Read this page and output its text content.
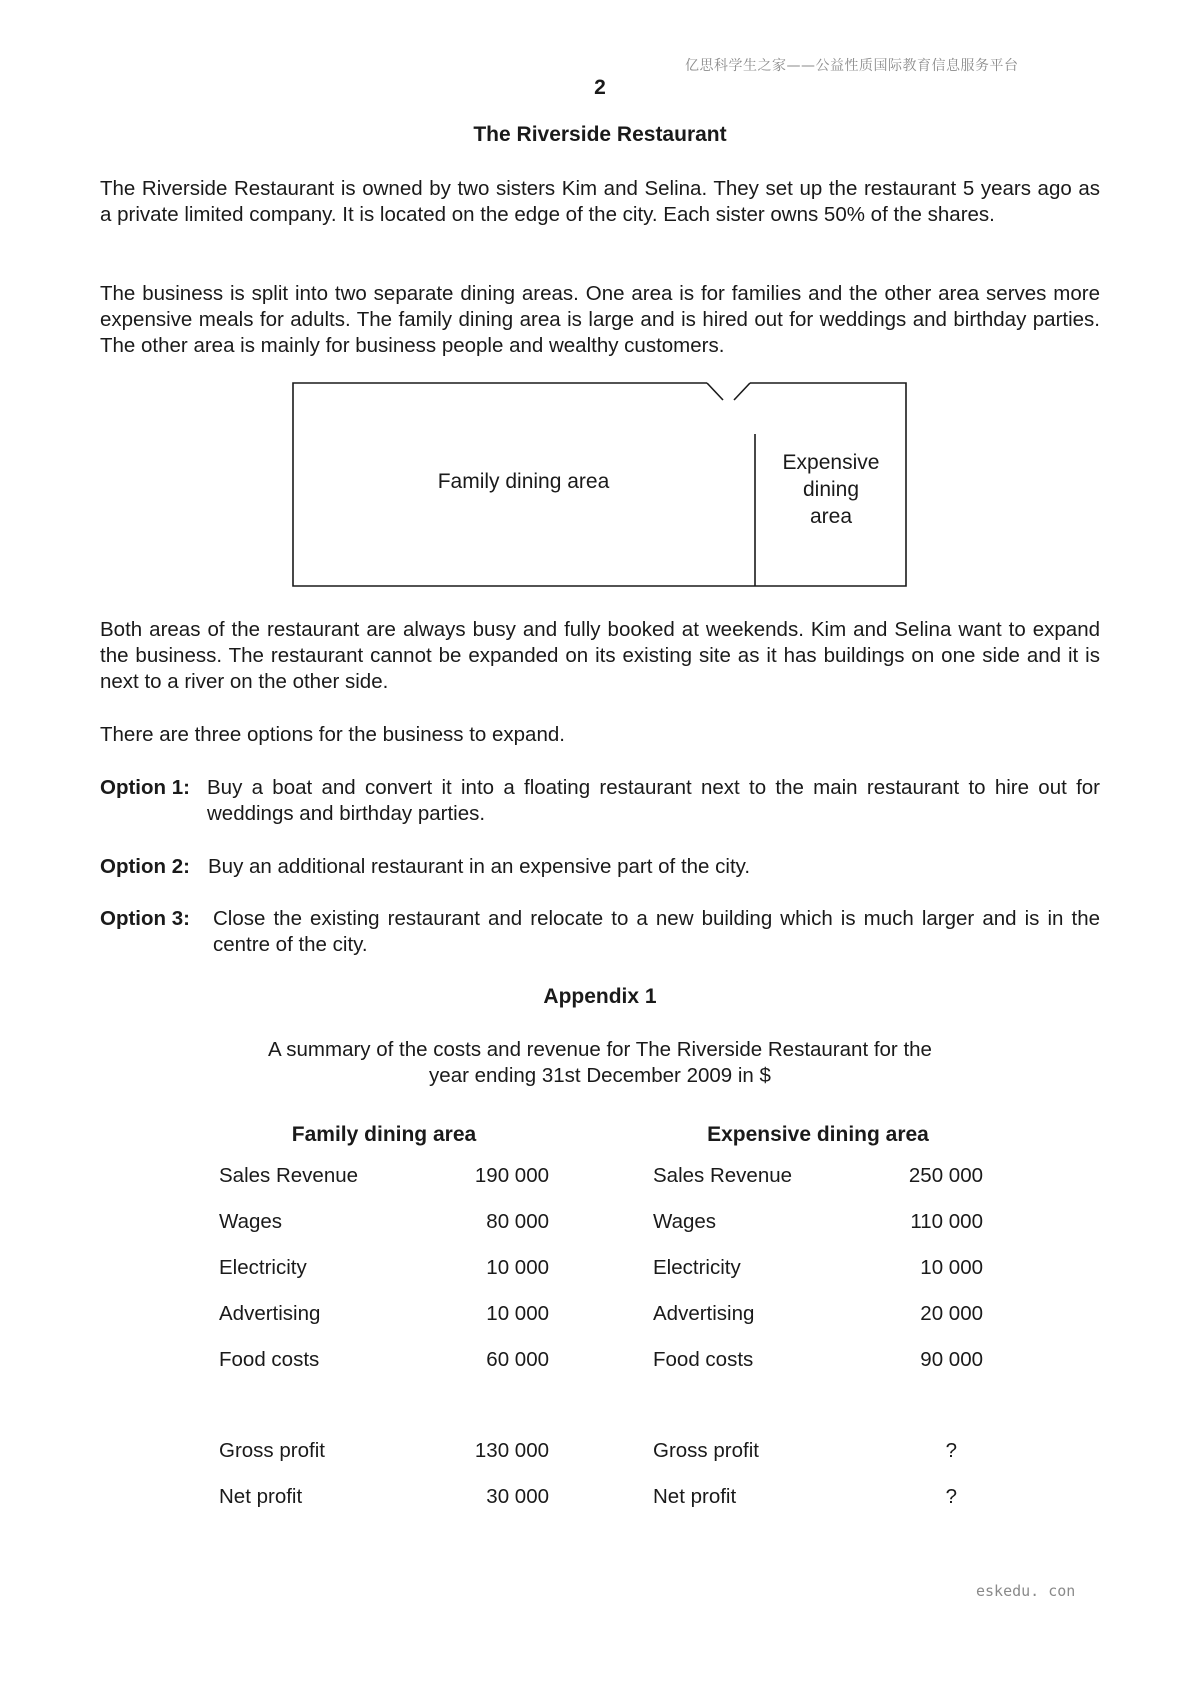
亿思科学生之家——公益性质国际教育信息服务平台
2
The Riverside Restaurant

The Riverside Restaurant is owned by two sisters Kim and Selina. They set up the restaurant 5 years ago as a private limited company. It is located on the edge of the city. Each sister owns 50% of the shares.

The business is split into two separate dining areas. One area is for families and the other area serves more expensive meals for adults. The family dining area is large and is hired out for weddings and birthday parties. The other area is mainly for business people and wealthy customers.

Family dining area
Expensive
dining
area

Both areas of the restaurant are always busy and fully booked at weekends. Kim and Selina want to expand the business. The restaurant cannot be expanded on its existing site as it has buildings on one side and it is next to a river on the other side.

There are three options for the business to expand.

Option 1: Buy a boat and convert it into a floating restaurant next to the main restaurant to hire out for weddings and birthday parties.
Option 2: Buy an additional restaurant in an expensive part of the city.
Option 3:	Close the existing restaurant and relocate to a new building which is much larger and is in the centre of the city.
Appendix 1
A summary of the costs and revenue for The Riverside Restaurant for the
year ending 31st December 2009 in $
Family dining area
Sales Revenue	190 000
Wages	80 000
Electricity	10 000
Advertising	10 000
Food costs	60 000
Gross profit	130 000
Net profit	30 000
Expensive dining area
Sales Revenue	250 000
Wages	110 000
Electricity	10 000
Advertising	20 000
Food costs	90 000
Gross profit	?
Net profit	?
eskedu. con
